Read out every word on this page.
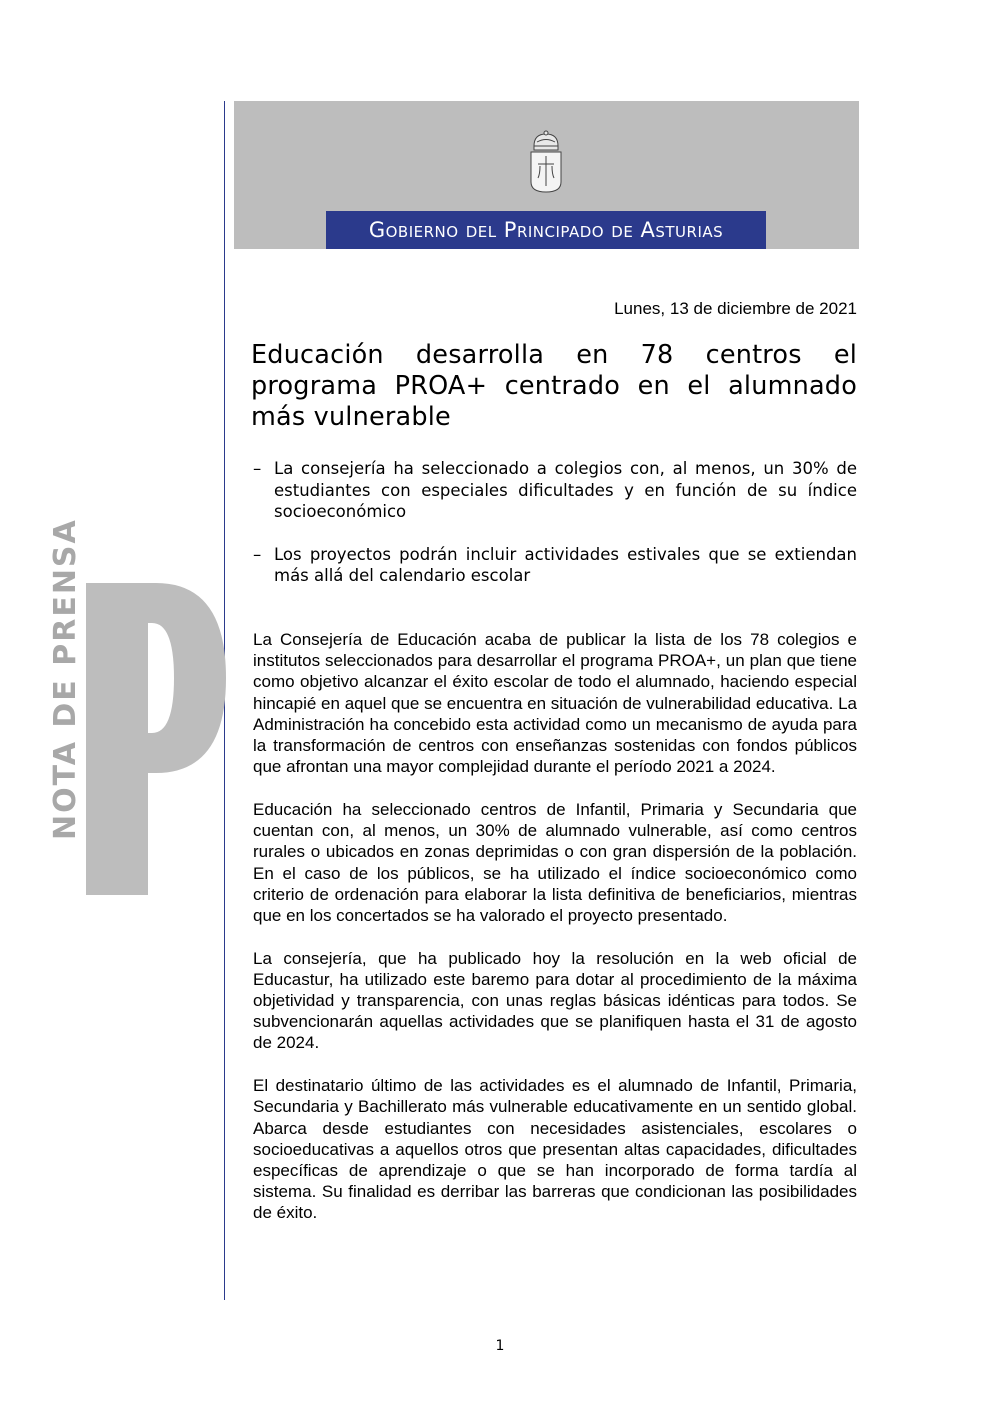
Gobierno del Principado de Asturias
NOTA DE PRENSA
Lunes, 13 de diciembre de 2021
Educación desarrolla en 78 centros el programa PROA+ centrado en el alumnado más vulnerable
– La consejería ha seleccionado a colegios con, al menos, un 30% de estudiantes con especiales dificultades y en función de su índice socioeconómico
– Los proyectos podrán incluir actividades estivales que se extiendan más allá del calendario escolar

La Consejería de Educación acaba de publicar la lista de los 78 colegios e institutos seleccionados para desarrollar el programa PROA+, un plan que tiene como objetivo alcanzar el éxito escolar de todo el alumnado, haciendo especial hincapié en aquel que se encuentra en situación de vulnerabilidad educativa. La Administración ha concebido esta actividad como un mecanismo de ayuda para la transformación de centros con enseñanzas sostenidas con fondos públicos que afrontan una mayor complejidad durante el período 2021 a 2024.

Educación ha seleccionado centros de Infantil, Primaria y Secundaria que cuentan con, al menos, un 30% de alumnado vulnerable, así como centros rurales o ubicados en zonas deprimidas o con gran dispersión de la población. En el caso de los públicos, se ha utilizado el índice socioeconómico como criterio de ordenación para elaborar la lista definitiva de beneficiarios, mientras que en los concertados se ha valorado el proyecto presentado.

La consejería, que ha publicado hoy la resolución en la web oficial de Educastur, ha utilizado este baremo para dotar al procedimiento de la máxima objetividad y transparencia, con unas reglas básicas idénticas para todos. Se subvencionarán aquellas actividades que se planifiquen hasta el 31 de agosto de 2024.

El destinatario último de las actividades es el alumnado de Infantil, Primaria, Secundaria y Bachillerato más vulnerable educativamente en un sentido global. Abarca desde estudiantes con necesidades asistenciales, escolares o socioeducativas a aquellos otros que presentan altas capacidades, dificultades específicas de aprendizaje o que se han incorporado de forma tardía al sistema. Su finalidad es derribar las barreras que condicionan las posibilidades de éxito.

1
